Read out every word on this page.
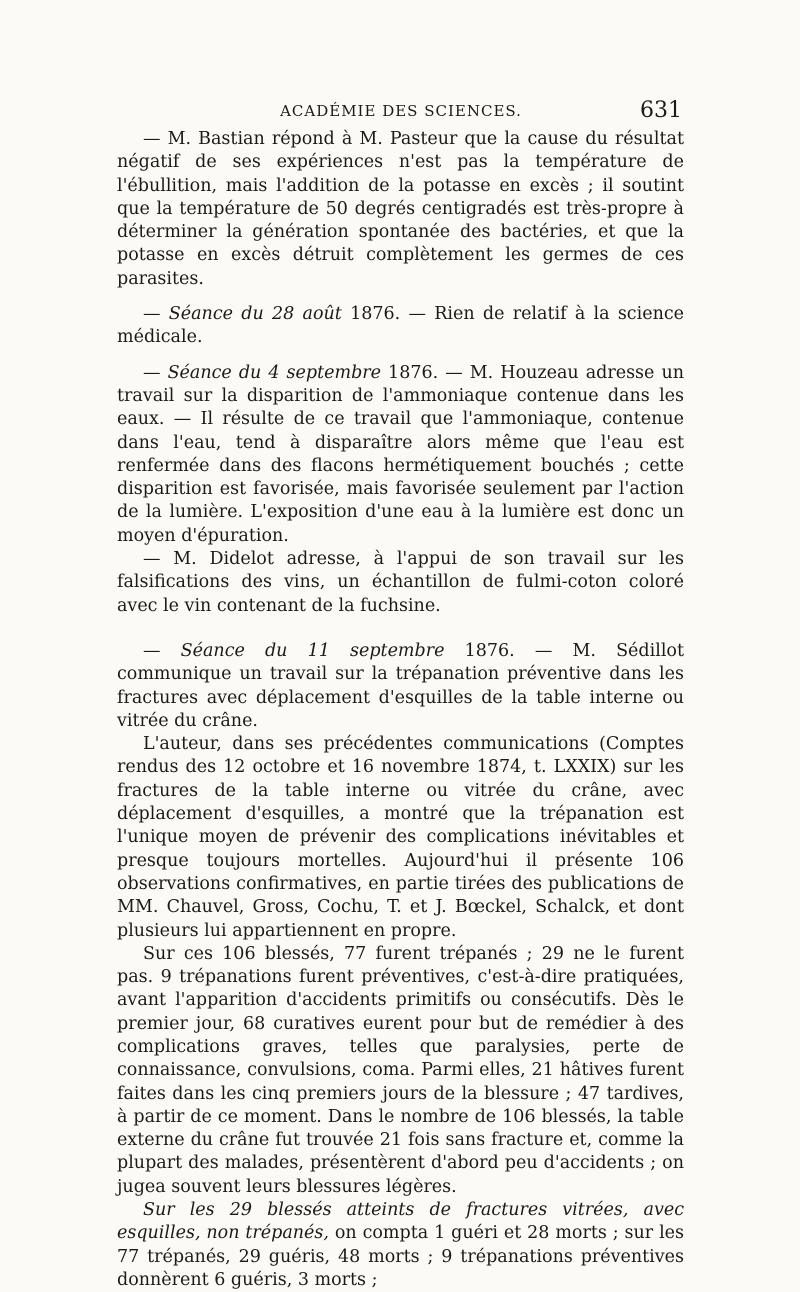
ACADÉMIE DES SCIENCES.	631

— M. Bastian répond à M. Pasteur que la cause du résultat négatif de ses expériences n'est pas la température de l'ébullition, mais l'addition de la potasse en excès ; il soutint que la température de 50 degrés centigradés est très-propre à déterminer la génération spontanée des bactéries, et que la potasse en excès détruit complètement les germes de ces parasites.

— Séance du 28 août 1876. — Rien de relatif à la science médicale.

— Séance du 4 septembre 1876. — M. Houzeau adresse un travail sur la disparition de l'ammoniaque contenue dans les eaux. — Il résulte de ce travail que l'ammoniaque, contenue dans l'eau, tend à disparaître alors même que l'eau est renfermée dans des flacons hermétiquement bouchés ; cette disparition est favorisée, mais favorisée seulement par l'action de la lumière. L'exposition d'une eau à la lumière est donc un moyen d'épuration.

— M. Didelot adresse, à l'appui de son travail sur les falsifications des vins, un échantillon de fulmi-coton coloré avec le vin contenant de la fuchsine.

— Séance du 11 septembre 1876. — M. Sédillot communique un travail sur la trépanation préventive dans les fractures avec déplacement d'esquilles de la table interne ou vitrée du crâne.

L'auteur, dans ses précédentes communications (Comptes rendus des 12 octobre et 16 novembre 1874, t. LXXIX) sur les fractures de la table interne ou vitrée du crâne, avec déplacement d'esquilles, a montré que la trépanation est l'unique moyen de prévenir des complications inévitables et presque toujours mortelles. Aujourd'hui il présente 106 observations confirmatives, en partie tirées des publications de MM. Chauvel, Gross, Cochu, T. et J. Bœckel, Schalck, et dont plusieurs lui appartiennent en propre.

Sur ces 106 blessés, 77 furent trépanés ; 29 ne le furent pas. 9 trépanations furent préventives, c'est-à-dire pratiquées, avant l'apparition d'accidents primitifs ou consécutifs. Dès le premier jour, 68 curatives eurent pour but de remédier à des complications graves, telles que paralysies, perte de connaissance, convulsions, coma. Parmi elles, 21 hâtives furent faites dans les cinq premiers jours de la blessure ; 47 tardives, à partir de ce moment. Dans le nombre de 106 blessés, la table externe du crâne fut trouvée 21 fois sans fracture et, comme la plupart des malades, présentèrent d'abord peu d'accidents ; on jugea souvent leurs blessures légères.

Sur les 29 blessés atteints de fractures vitrées, avec esquilles, non trépanés, on compta 1 guéri et 28 morts ; sur les 77 trépanés, 29 guéris, 48 morts ; 9 trépanations préventives donnèrent 6 guéris, 3 morts ;
